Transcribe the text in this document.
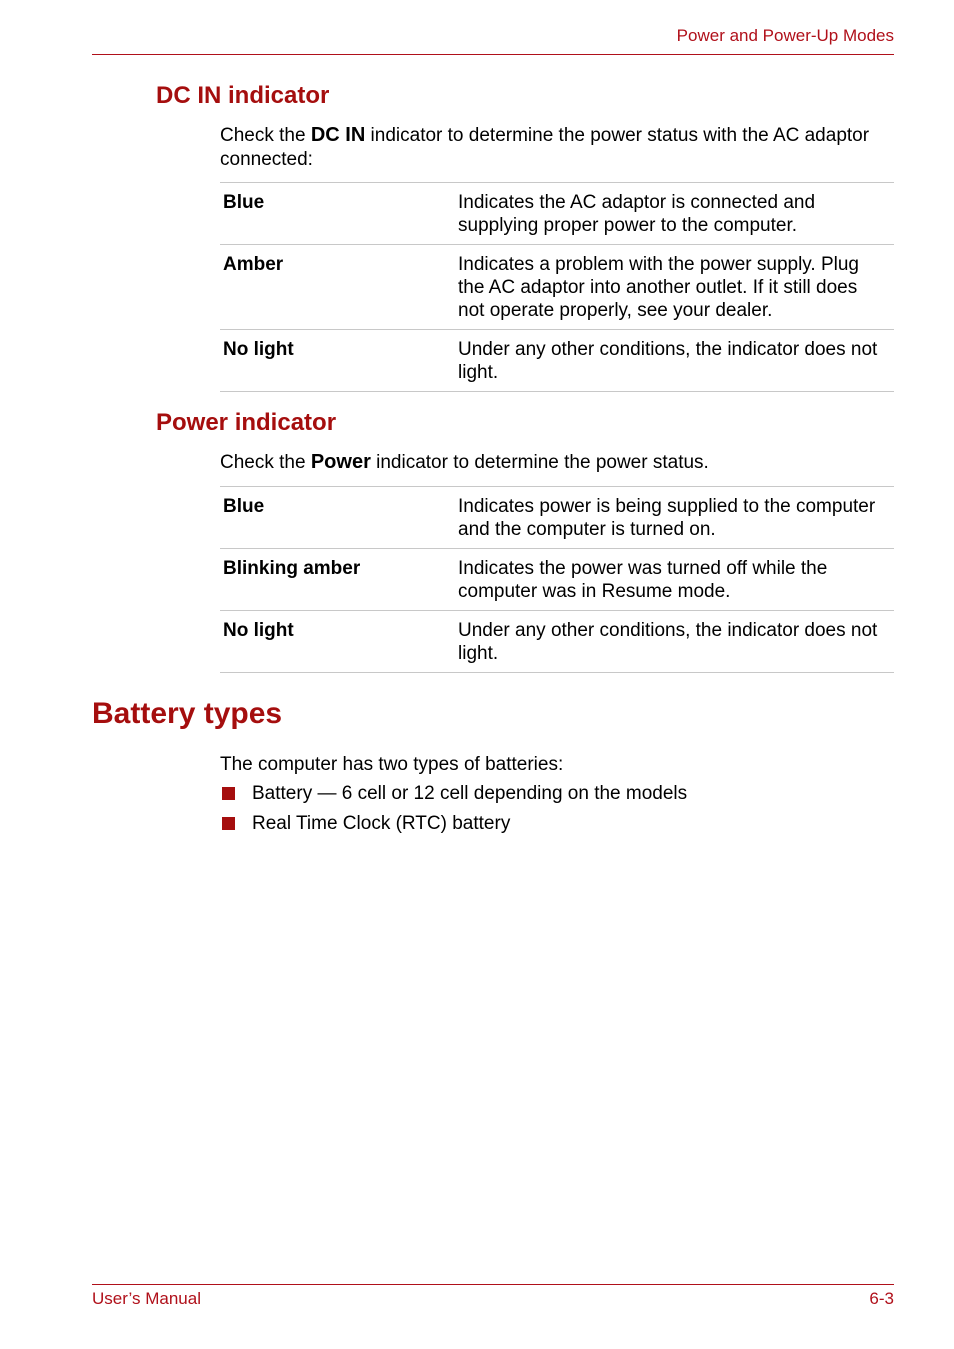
Power and Power-Up Modes
DC IN indicator
Check the DC IN indicator to determine the power status with the AC adaptor connected:
Blue	Indicates the AC adaptor is connected and supplying proper power to the computer.
Amber	Indicates a problem with the power supply. Plug the AC adaptor into another outlet. If it still does not operate properly, see your dealer.
No light	Under any other conditions, the indicator does not light.
Power indicator
Check the Power indicator to determine the power status.
Blue	Indicates power is being supplied to the computer and the computer is turned on.
Blinking amber	Indicates the power was turned off while the computer was in Resume mode.
No light	Under any other conditions, the indicator does not light.
Battery types
The computer has two types of batteries:
Battery — 6 cell or 12 cell depending on the models
Real Time Clock (RTC) battery
User’s Manual	6-3
